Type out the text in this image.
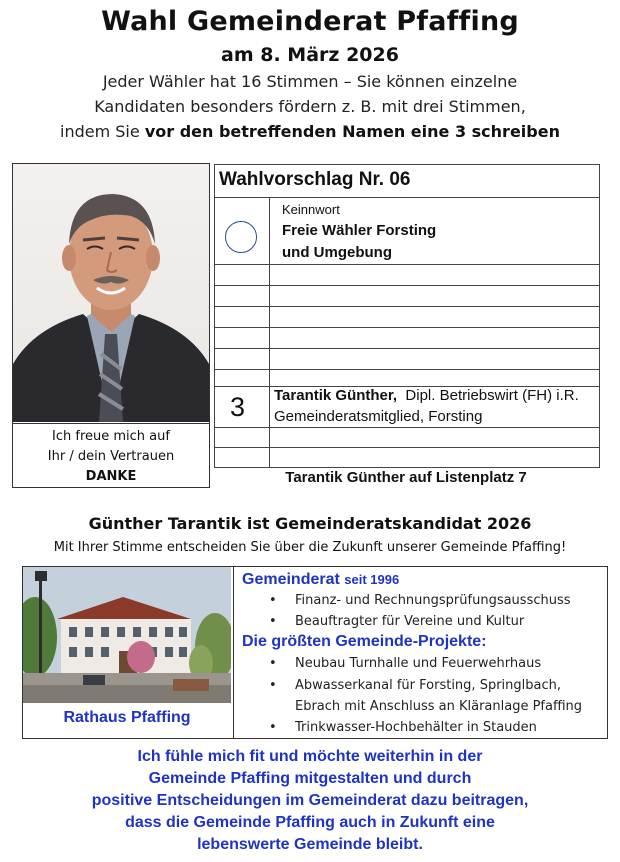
Wahl Gemeinderat Pfaffing
am 8. März 2026
Jeder Wähler hat 16 Stimmen – Sie können einzelne
Kandidaten besonders fördern z. B. mit drei Stimmen,
indem Sie vor den betreffenden Namen eine 3 schreiben
Ich freue mich auf
Ihr / dein Vertrauen
DANKE
Wahlvorschlag Nr. 06
Keinnwort
Freie Wähler Forsting
und Umgebung
3 Tarantik Günther, Dipl. Betriebswirt (FH) i.R.
Gemeinderatsmitglied, Forsting
Tarantik Günther auf Listenplatz 7
Günther Tarantik ist Gemeinderatskandidat 2026
Mit Ihrer Stimme entscheiden Sie über die Zukunft unserer Gemeinde Pfaffing!
Rathaus Pfaffing
Gemeinderat seit 1996
• Finanz- und Rechnungsprüfungsausschuss
• Beauftragter für Vereine und Kultur
Die größten Gemeinde-Projekte:
• Neubau Turnhalle und Feuerwehrhaus
• Abwasserkanal für Forsting, Springlbach,
Ebrach mit Anschluss an Kläranlage Pfaffing
• Trinkwasser-Hochbehälter in Stauden
Ich fühle mich fit und möchte weiterhin in der
Gemeinde Pfaffing mitgestalten und durch
positive Entscheidungen im Gemeinderat dazu beitragen,
dass die Gemeinde Pfaffing auch in Zukunft eine
lebenswerte Gemeinde bleibt.
